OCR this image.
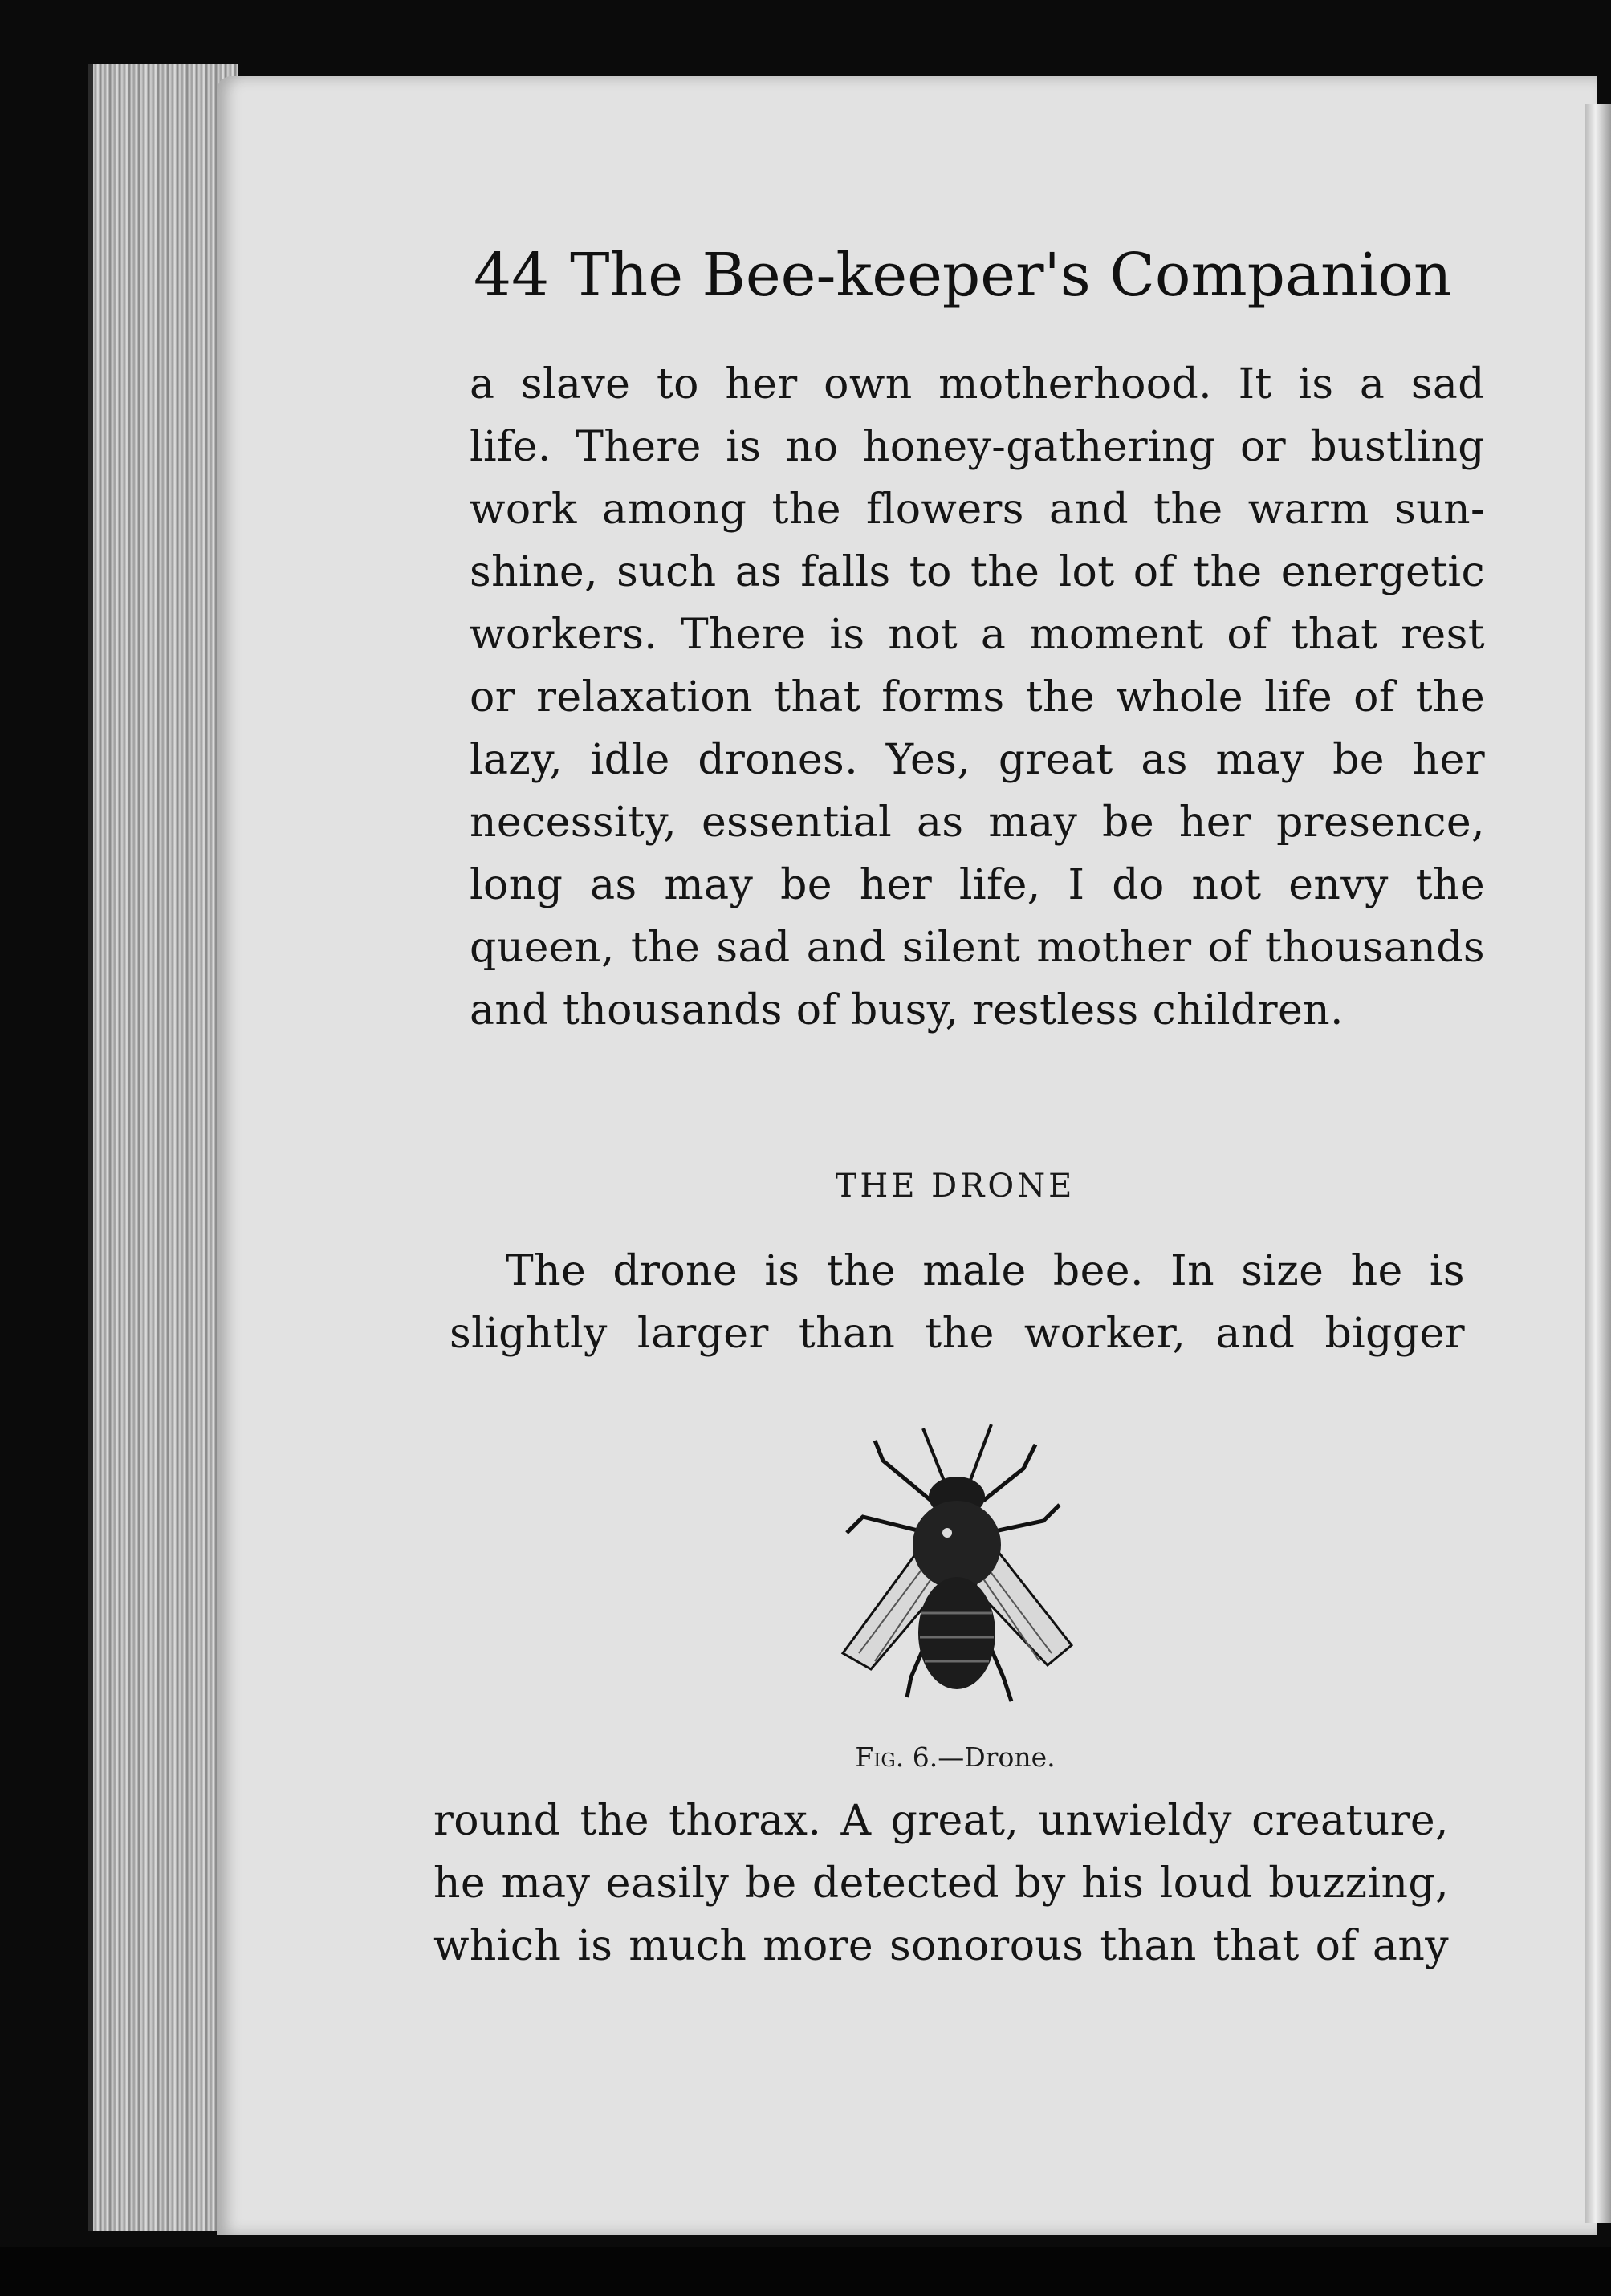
44 The Bee-keeper's Companion
a slave to her own motherhood. It is a sad
life. There is no honey-gathering or bustling
work among the flowers and the warm sun-
shine, such as falls to the lot of the energetic
workers. There is not a moment of that rest
or relaxation that forms the whole life of the
lazy, idle drones. Yes, great as may be her
necessity, essential as may be her presence,
long as may be her life, I do not envy the
queen, the sad and silent mother of thousands
and thousands of busy, restless children.
THE DRONE
The drone is the male bee. In size he is
slightly larger than the worker, and bigger
Fig. 6.—Drone.
round the thorax. A great, unwieldy creature,
he may easily be detected by his loud buzzing,
which is much more sonorous than that of any
